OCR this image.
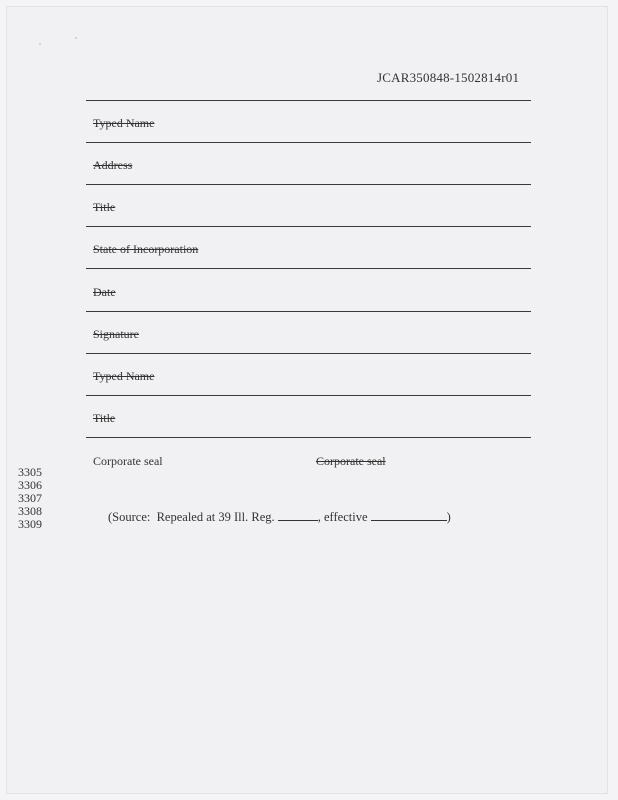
JCAR350848-1502814r01
Typed Name
Address
Title
State of Incorporation
Date
Signature
Typed Name
Title
Corporate seal	Corporate seal
3305
3306
3307
3308
3309	(Source:  Repealed at 39 Ill. Reg.	, effective	)
